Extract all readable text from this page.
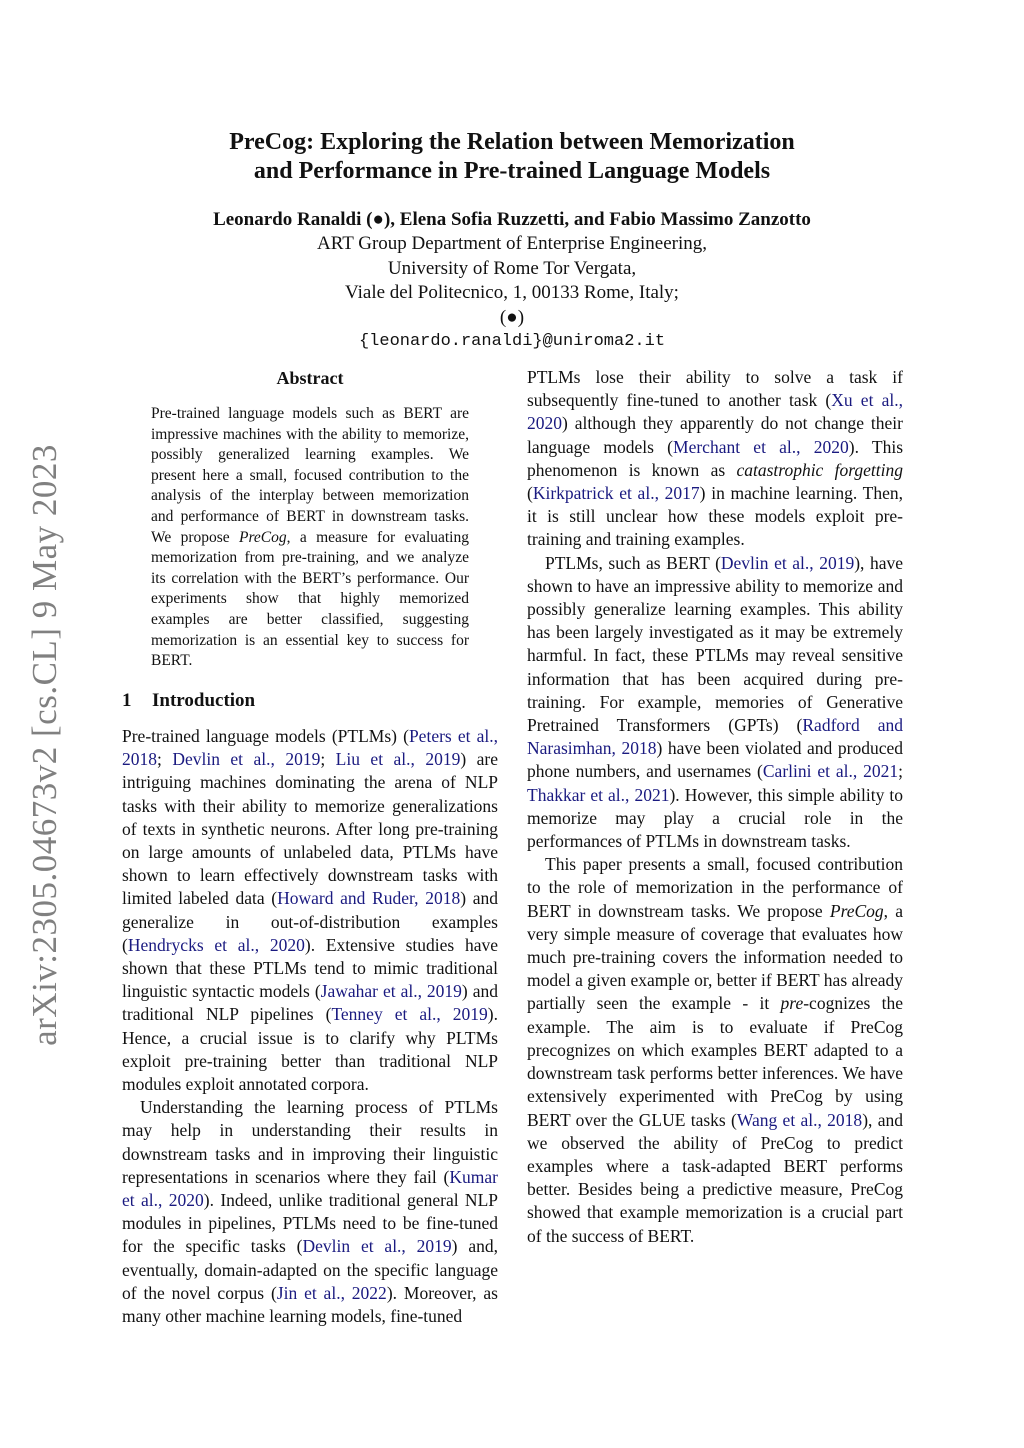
arXiv:2305.04673v2 [cs.CL] 9 May 2023
PreCog: Exploring the Relation between Memorization
and Performance in Pre-trained Language Models
Leonardo Ranaldi (●), Elena Sofia Ruzzetti, and Fabio Massimo Zanzotto
ART Group Department of Enterprise Engineering,
University of Rome Tor Vergata,
Viale del Politecnico, 1, 00133 Rome, Italy;
(●)
{leonardo.ranaldi}@uniroma2.it
Abstract

Pre-trained language models such as BERT are impressive machines with the ability to memorize, possibly generalized learning examples. We present here a small, focused contribution to the analysis of the interplay between memorization and performance of BERT in downstream tasks. We propose PreCog, a measure for evaluating memorization from pre-training, and we analyze its correlation with the BERT’s performance. Our experiments show that highly memorized examples are better classified, suggesting memorization is an essential key to success for BERT.

1 Introduction

Pre-trained language models (PTLMs) (Peters et al., 2018; Devlin et al., 2019; Liu et al., 2019) are intriguing machines dominating the arena of NLP tasks with their ability to memorize generalizations of texts in synthetic neurons. After long pre-training on large amounts of unlabeled data, PTLMs have shown to learn effectively downstream tasks with limited labeled data (Howard and Ruder, 2018) and generalize in out-of-distribution examples (Hendrycks et al., 2020). Extensive studies have shown that these PTLMs tend to mimic traditional linguistic syntactic models (Jawahar et al., 2019) and traditional NLP pipelines (Tenney et al., 2019). Hence, a crucial issue is to clarify why PLTMs exploit pre-training better than traditional NLP modules exploit annotated corpora.

Understanding the learning process of PTLMs may help in understanding their results in downstream tasks and in improving their linguistic representations in scenarios where they fail (Kumar et al., 2020). Indeed, unlike traditional general NLP modules in pipelines, PTLMs need to be fine-tuned for the specific tasks (Devlin et al., 2019) and, eventually, domain-adapted on the specific language of the novel corpus (Jin et al., 2022). Moreover, as many other machine learning models, fine-tuned

PTLMs lose their ability to solve a task if subsequently fine-tuned to another task (Xu et al., 2020) although they apparently do not change their language models (Merchant et al., 2020). This phenomenon is known as catastrophic forgetting (Kirkpatrick et al., 2017) in machine learning. Then, it is still unclear how these models exploit pre-training and training examples.

PTLMs, such as BERT (Devlin et al., 2019), have shown to have an impressive ability to memorize and possibly generalize learning examples. This ability has been largely investigated as it may be extremely harmful. In fact, these PTLMs may reveal sensitive information that has been acquired during pre-training. For example, memories of Generative Pretrained Transformers (GPTs) (Radford and Narasimhan, 2018) have been violated and produced phone numbers, and usernames (Carlini et al., 2021; Thakkar et al., 2021). However, this simple ability to memorize may play a crucial role in the performances of PTLMs in downstream tasks.

This paper presents a small, focused contribution to the role of memorization in the performance of BERT in downstream tasks. We propose PreCog, a very simple measure of coverage that evaluates how much pre-training covers the information needed to model a given example or, better if BERT has already partially seen the example - it pre-cognizes the example. The aim is to evaluate if PreCog precognizes on which examples BERT adapted to a downstream task performs better inferences. We have extensively experimented with PreCog by using BERT over the GLUE tasks (Wang et al., 2018), and we observed the ability of PreCog to predict examples where a task-adapted BERT performs better. Besides being a predictive measure, PreCog showed that example memorization is a crucial part of the success of BERT.
